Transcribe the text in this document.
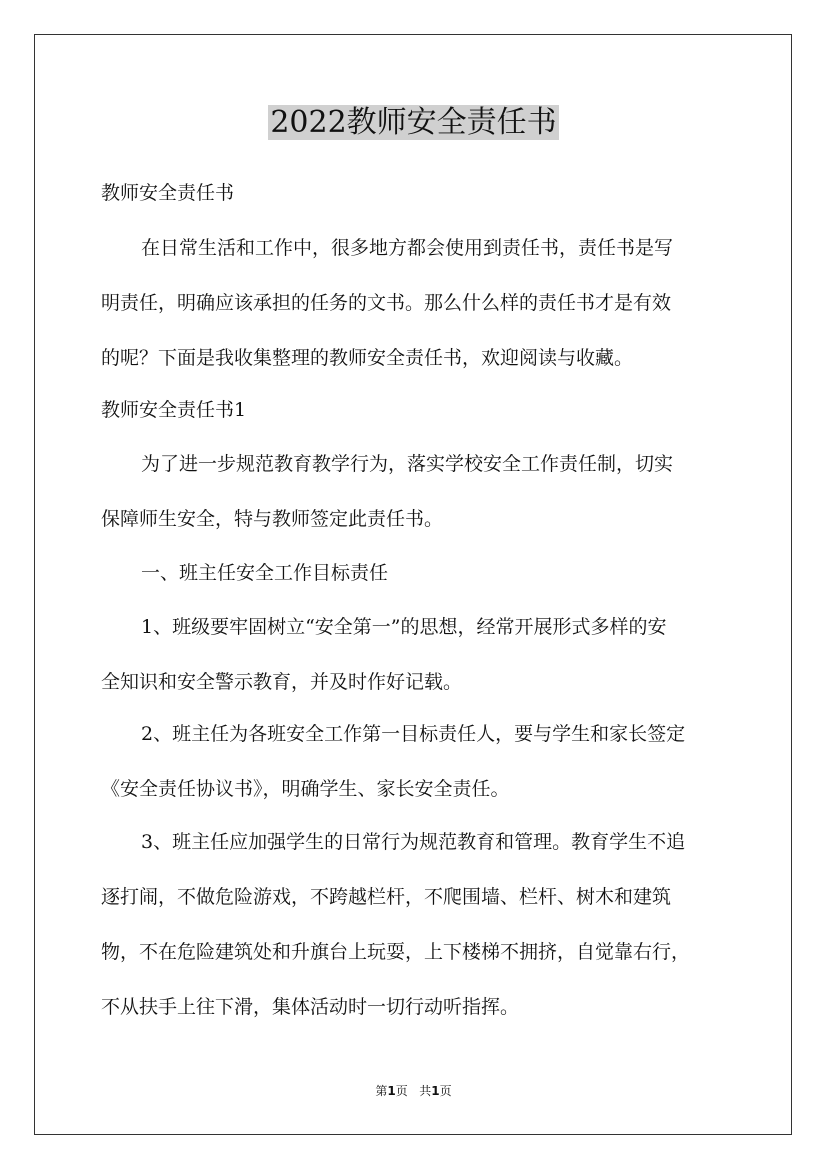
2022教师安全责任书

教师安全责任书

在日常生活和工作中，很多地方都会使用到责任书，责任书是写
明责任，明确应该承担的任务的文书。那么什么样的责任书才是有效
的呢？下面是我收集整理的教师安全责任书，欢迎阅读与收藏。

教师安全责任书1

为了进一步规范教育教学行为，落实学校安全工作责任制，切实
保障师生安全，特与教师签定此责任书。

一、班主任安全工作目标责任

1、班级要牢固树立“安全第一”的思想，经常开展形式多样的安
全知识和安全警示教育，并及时作好记载。

2、班主任为各班安全工作第一目标责任人，要与学生和家长签定
《安全责任协议书》，明确学生、家长安全责任。

3、班主任应加强学生的日常行为规范教育和管理。教育学生不追
逐打闹，不做危险游戏，不跨越栏杆，不爬围墙、栏杆、树木和建筑
物，不在危险建筑处和升旗台上玩耍，上下楼梯不拥挤，自觉靠右行，
不从扶手上往下滑，集体活动时一切行动听指挥。

第1页 共1页
